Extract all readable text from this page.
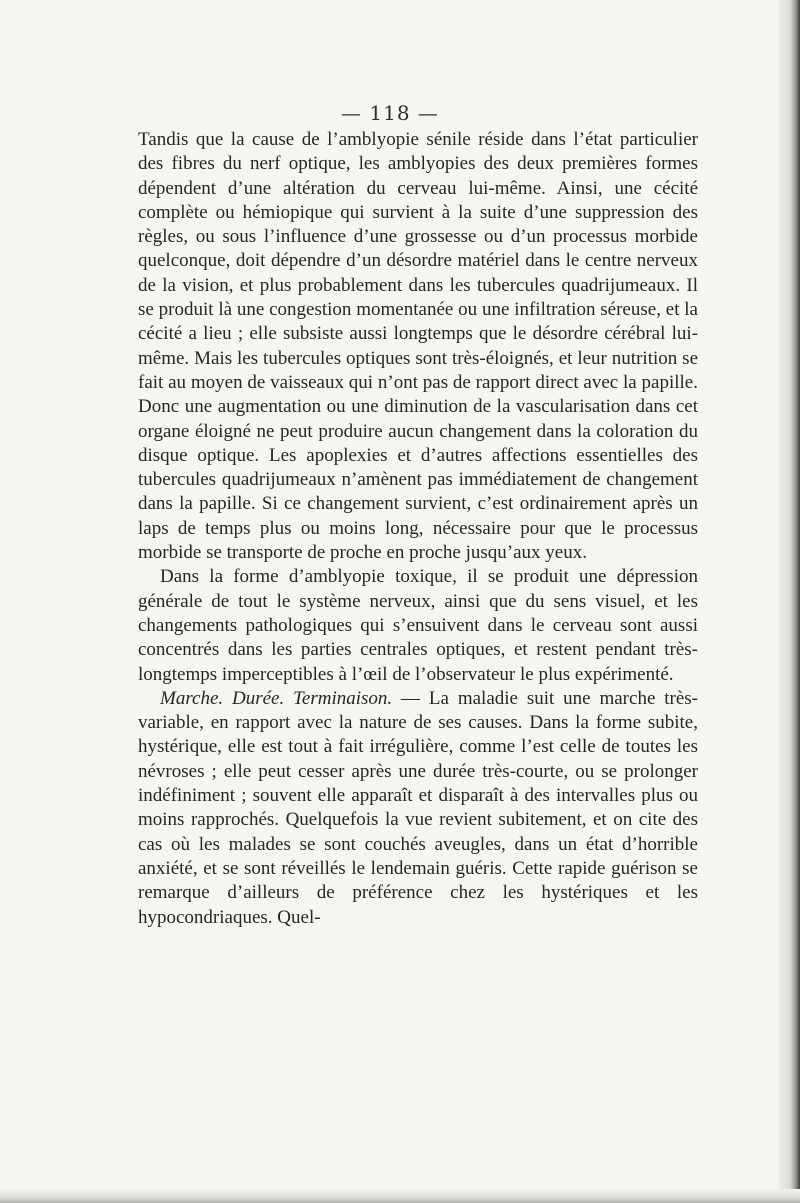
— 118 —

Tandis que la cause de l’amblyopie sénile réside dans l’état particulier des fibres du nerf optique, les amblyopies des deux premières formes dépendent d’une altération du cerveau lui-même. Ainsi, une cécité complète ou hémiopique qui survient à la suite d’une suppression des règles, ou sous l’influence d’une grossesse ou d’un processus morbide quelconque, doit dépendre d’un désordre matériel dans le centre nerveux de la vision, et plus probablement dans les tubercules quadrijumeaux. Il se produit là une congestion momentanée ou une infiltration séreuse, et la cécité a lieu ; elle subsiste aussi longtemps que le désordre cérébral lui-même. Mais les tubercules optiques sont très-éloignés, et leur nutrition se fait au moyen de vaisseaux qui n’ont pas de rapport direct avec la papille. Donc une augmentation ou une diminution de la vascularisation dans cet organe éloigné ne peut produire aucun changement dans la coloration du disque optique. Les apoplexies et d’autres affections essentielles des tubercules quadrijumeaux n’amènent pas immédiatement de changement dans la papille. Si ce changement survient, c’est ordinairement après un laps de temps plus ou moins long, nécessaire pour que le processus morbide se transporte de proche en proche jusqu’aux yeux.

Dans la forme d’amblyopie toxique, il se produit une dépression générale de tout le système nerveux, ainsi que du sens visuel, et les changements pathologiques qui s’ensuivent dans le cerveau sont aussi concentrés dans les parties centrales optiques, et restent pendant très-longtemps imperceptibles à l’œil de l’observateur le plus expérimenté.

Marche. Durée. Terminaison. — La maladie suit une marche très-variable, en rapport avec la nature de ses causes. Dans la forme subite, hystérique, elle est tout à fait irrégulière, comme l’est celle de toutes les névroses ; elle peut cesser après une durée très-courte, ou se prolonger indéfiniment ; souvent elle apparaît et disparaît à des intervalles plus ou moins rapprochés. Quelquefois la vue revient subitement, et on cite des cas où les malades se sont couchés aveugles, dans un état d’horrible anxiété, et se sont réveillés le lendemain guéris. Cette rapide guérison se remarque d’ailleurs de préférence chez les hystériques et les hypocondriaques. Quel-
